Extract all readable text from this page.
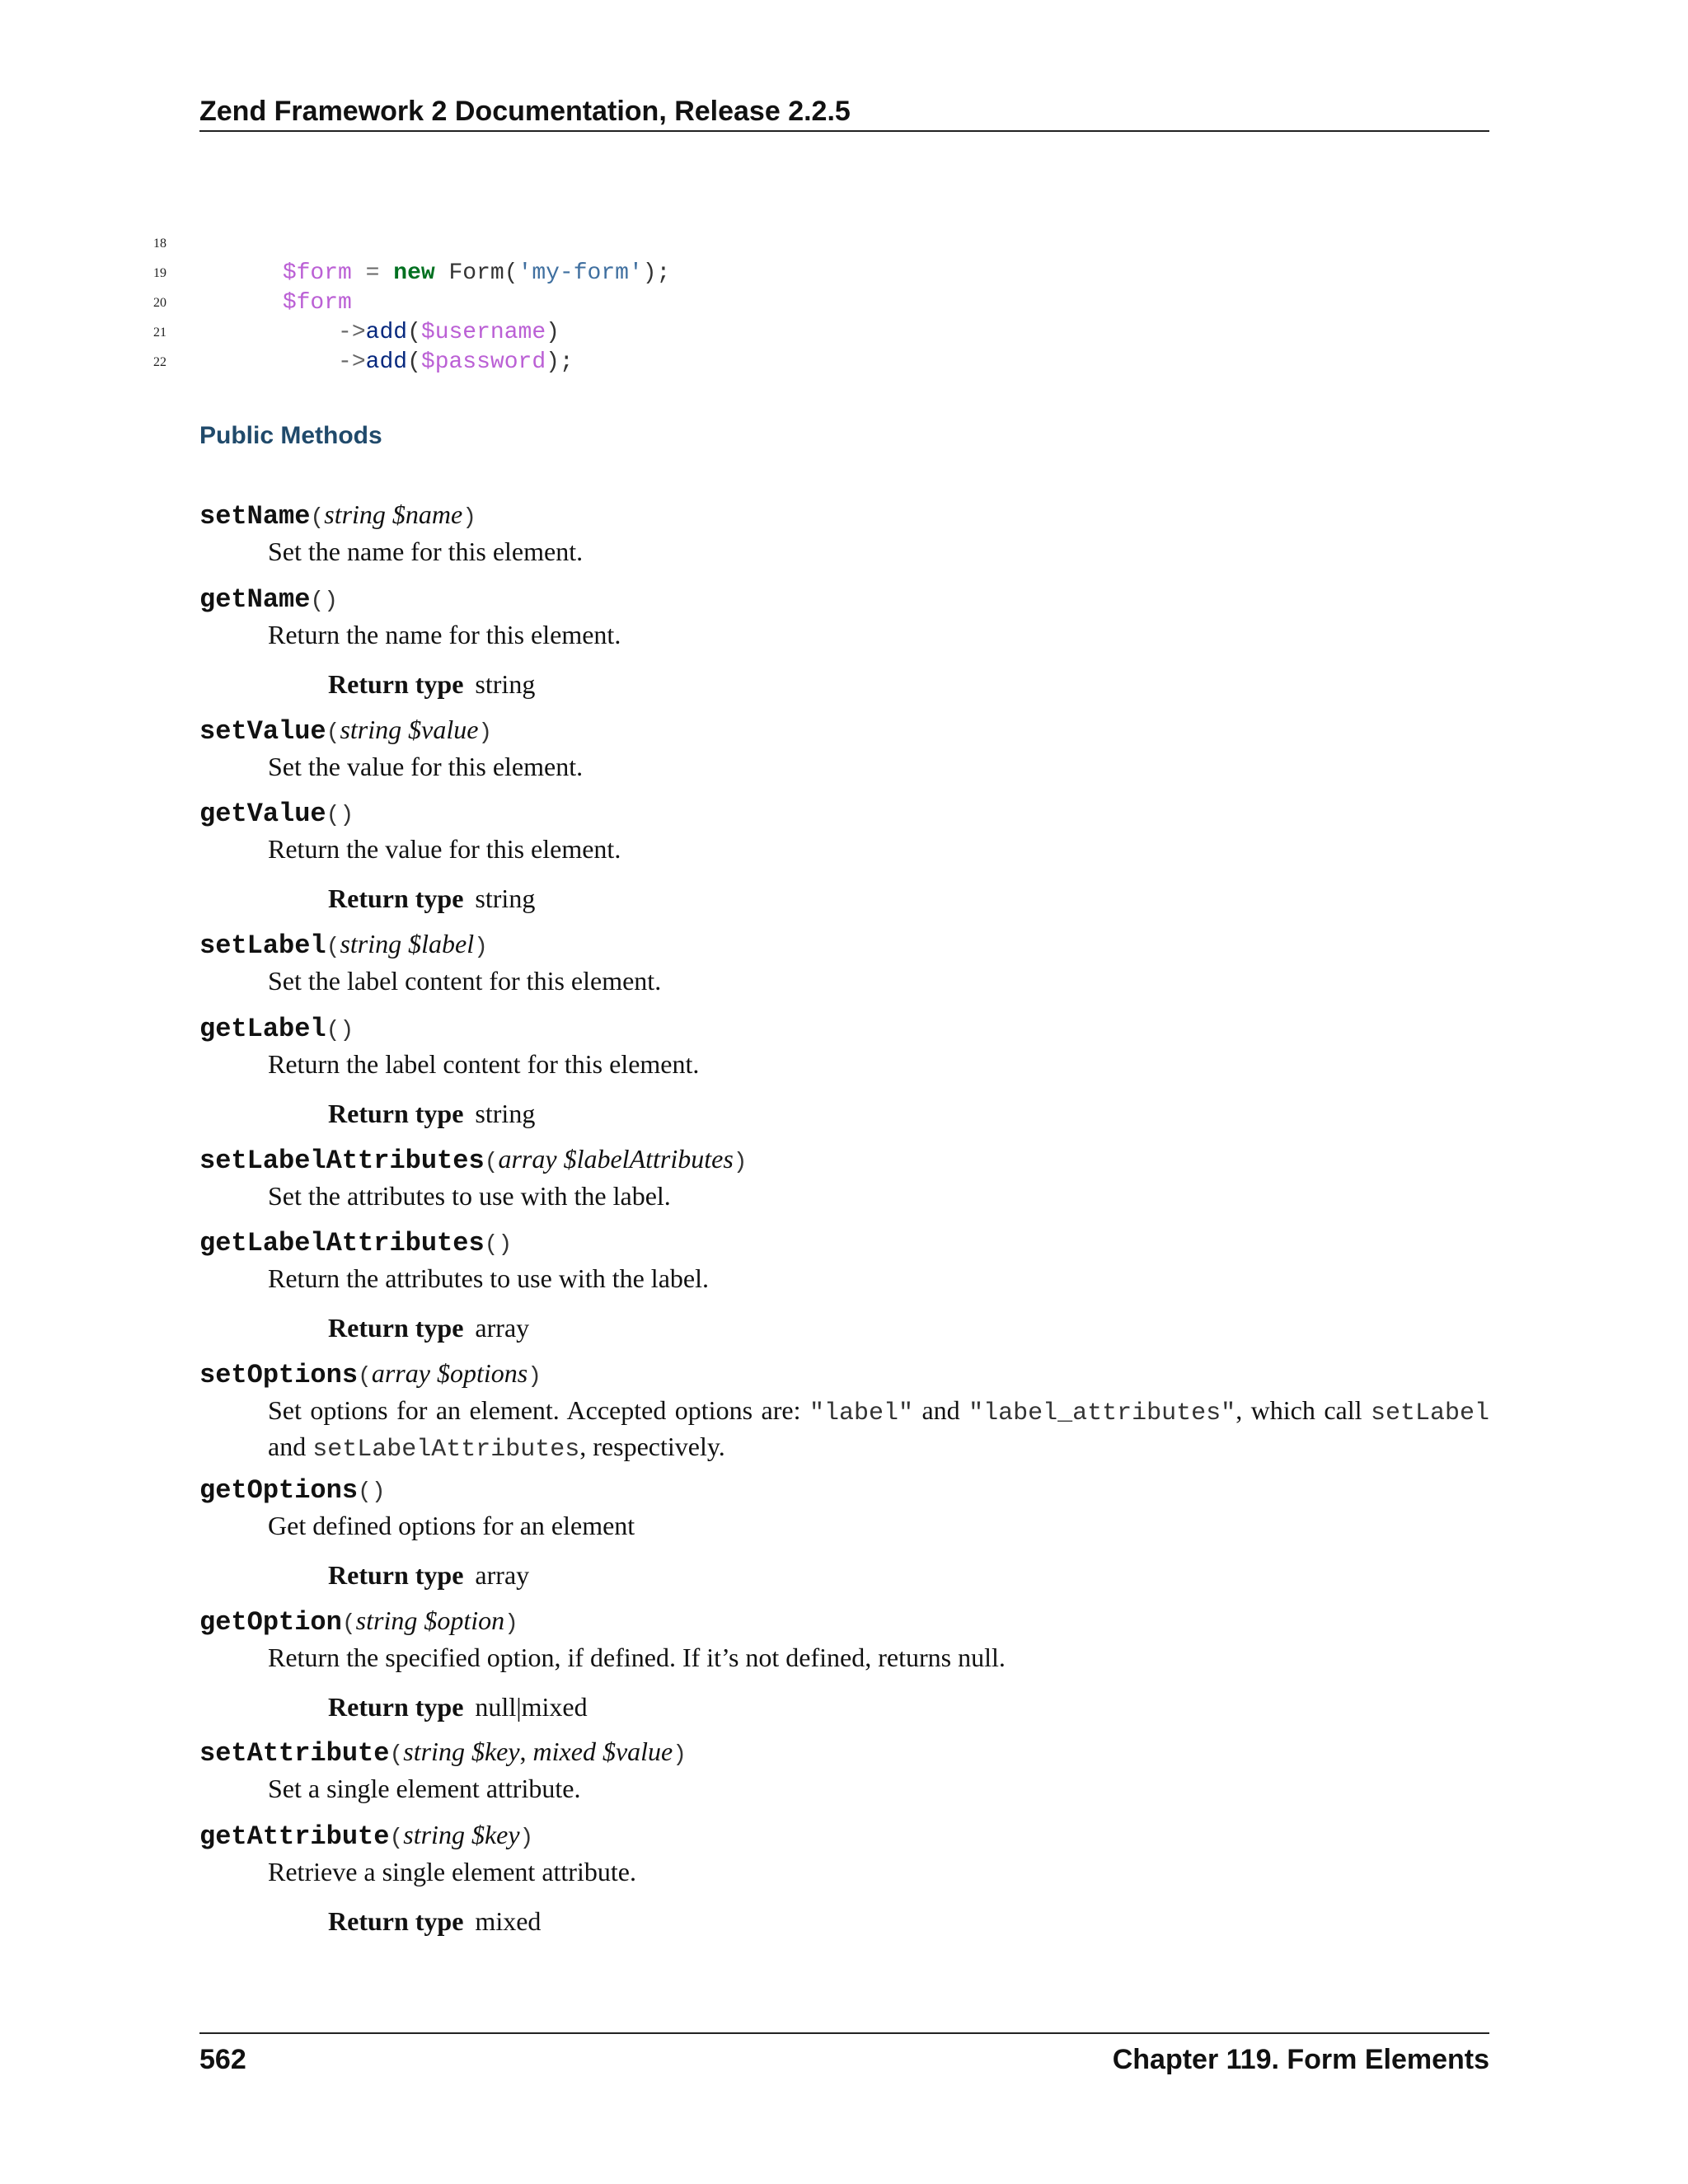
Zend Framework 2 Documentation, Release 2.2.5

18

19	$form = new Form('my-form');

20	$form

21	->add($username)

22	->add($password);

Public Methods
setName(string $name)
Set the name for this element.
getName()
Return the name for this element.
Return type string
setValue(string $value)
Set the value for this element.
getValue()
Return the value for this element.
Return type string
setLabel(string $label)
Set the label content for this element.
getLabel()
Return the label content for this element.
Return type string
setLabelAttributes(array $labelAttributes)
Set the attributes to use with the label.
getLabelAttributes()
Return the attributes to use with the label.
Return type array
setOptions(array $options)
Set options for an element. Accepted options are: "label" and "label_attributes", which call setLabel and setLabelAttributes, respectively.
getOptions()
Get defined options for an element
Return type array
getOption(string $option)
Return the specified option, if defined. If it’s not defined, returns null.
Return type null|mixed
setAttribute(string $key, mixed $value)
Set a single element attribute.
getAttribute(string $key)
Retrieve a single element attribute.
Return type mixed
562	Chapter 119. Form Elements
